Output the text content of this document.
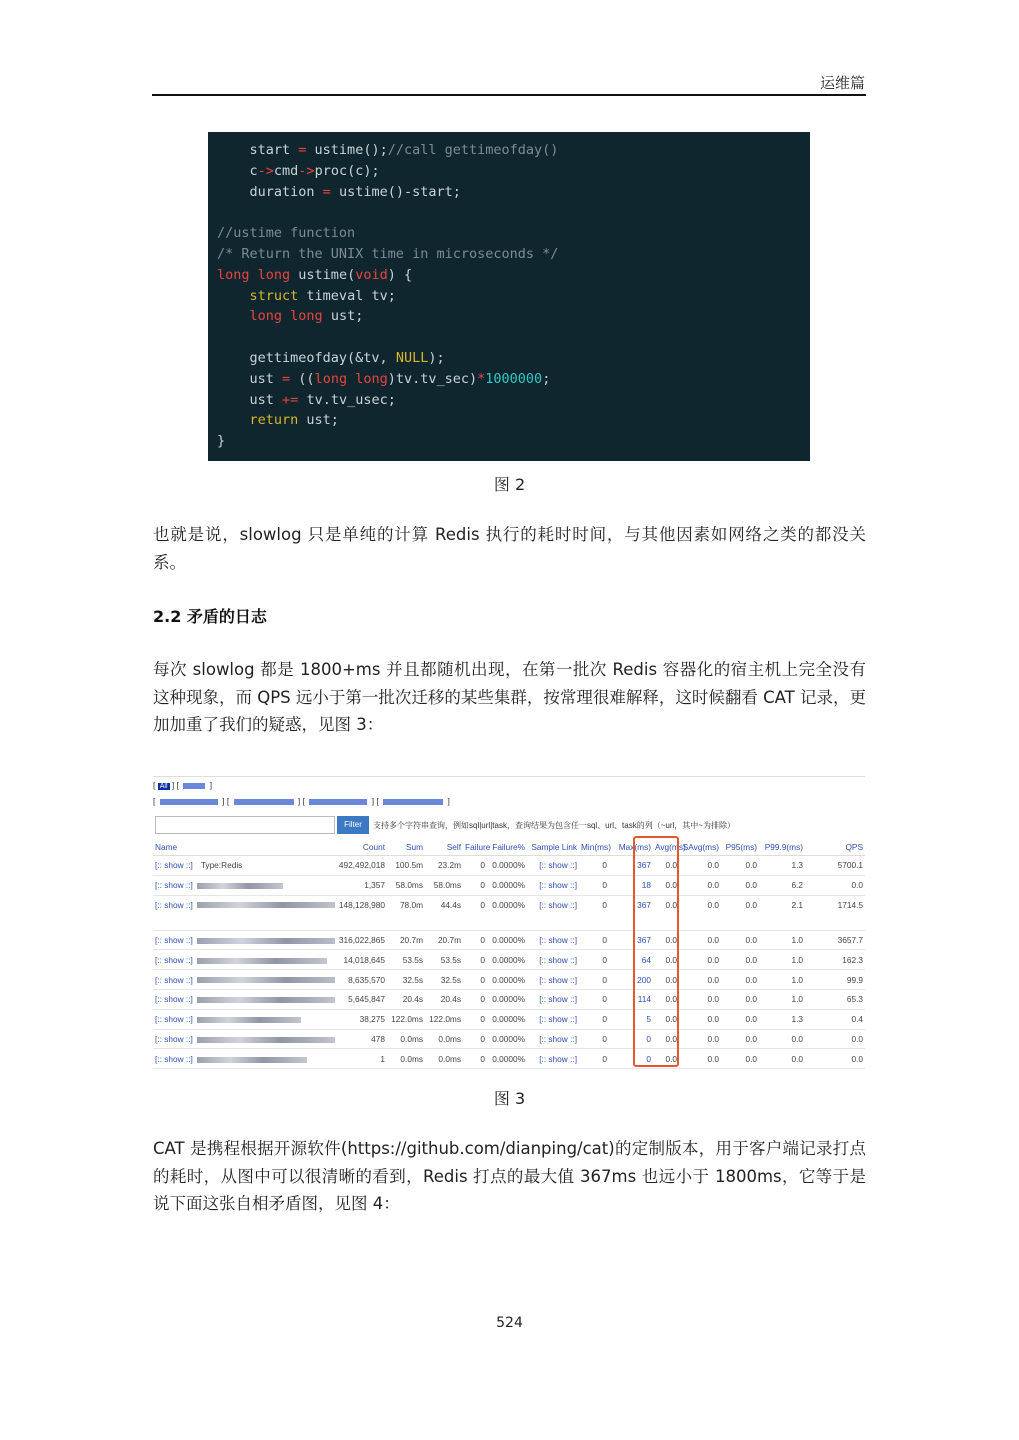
运维篇
start = ustime();//call gettimeofday()
c->cmd->proc(c);
duration = ustime()-start;
//ustime function
/* Return the UNIX time in microseconds */
long long ustime(void) {
struct timeval tv;
long long ust;
gettimeofday(&tv, NULL);
ust = ((long long)tv.tv_sec)*1000000;
ust += tv.tv_usec;
return ust;
}
图 2
也就是说，slowlog 只是单纯的计算 Redis 执行的耗时时间，与其他因素如网络之类的都没关系。
2.2 矛盾的日志
每次 slowlog 都是 1800+ms 并且都随机出现，在第一批次 Redis 容器化的宿主机上完全没有这种现象，而 QPS 远小于第一批次迁移的某些集群，按常理很难解释，这时候翻看 CAT 记录，更加加重了我们的疑惑，见图 3：
[ All ] [	]
[	] [	] [	] [	]
Filter	支持多个字符串查询，例如sql|url|task，查询结果为包含任一sql、url、task的列（~url，其中~为排除）
Name	Count	Sum	Self	Failure	Failure%	Sample Link	Min(ms)	Max(ms)	Avg(ms)	SAvg(ms)	P95(ms)	P99.9(ms)	QPS
[:: show ::] Type:Redis	492,492,018	100.5m	23.2m	0	0.0000%	[:: show ::]	0	367	0.0	0.0	0.0	1.3	5700.1
[:: show ::]	1,357	58.0ms	58.0ms	0	0.0000%	[:: show ::]	0	18	0.0	0.0	0.0	6.2	0.0
[:: show ::]	148,128,980	78.0m	44.4s	0	0.0000%	[:: show ::]	0	367	0.0	0.0	0.0	2.1	1714.5
[:: show ::]	316,022,865	20.7m	20.7m	0	0.0000%	[:: show ::]	0	367	0.0	0.0	0.0	1.0	3657.7
[:: show ::]	14,018,645	53.5s	53.5s	0	0.0000%	[:: show ::]	0	64	0.0	0.0	0.0	1.0	162.3
[:: show ::]	8,635,570	32.5s	32.5s	0	0.0000%	[:: show ::]	0	200	0.0	0.0	0.0	1.0	99.9
[:: show ::]	5,645,847	20.4s	20.4s	0	0.0000%	[:: show ::]	0	114	0.0	0.0	0.0	1.0	65.3
[:: show ::]	38,275	122.0ms	122.0ms	0	0.0000%	[:: show ::]	0	5	0.0	0.0	0.0	1.3	0.4
[:: show ::]	478	0.0ms	0.0ms	0	0.0000%	[:: show ::]	0	0	0.0	0.0	0.0	0.0	0.0
[:: show ::]	1	0.0ms	0.0ms	0	0.0000%	[:: show ::]	0	0	0.0	0.0	0.0	0.0	0.0
图 3
CAT 是携程根据开源软件(https://github.com/dianping/cat)的定制版本，用于客户端记录打点的耗时，从图中可以很清晰的看到，Redis 打点的最大值 367ms 也远小于 1800ms，它等于是说下面这张自相矛盾图，见图 4：
524
